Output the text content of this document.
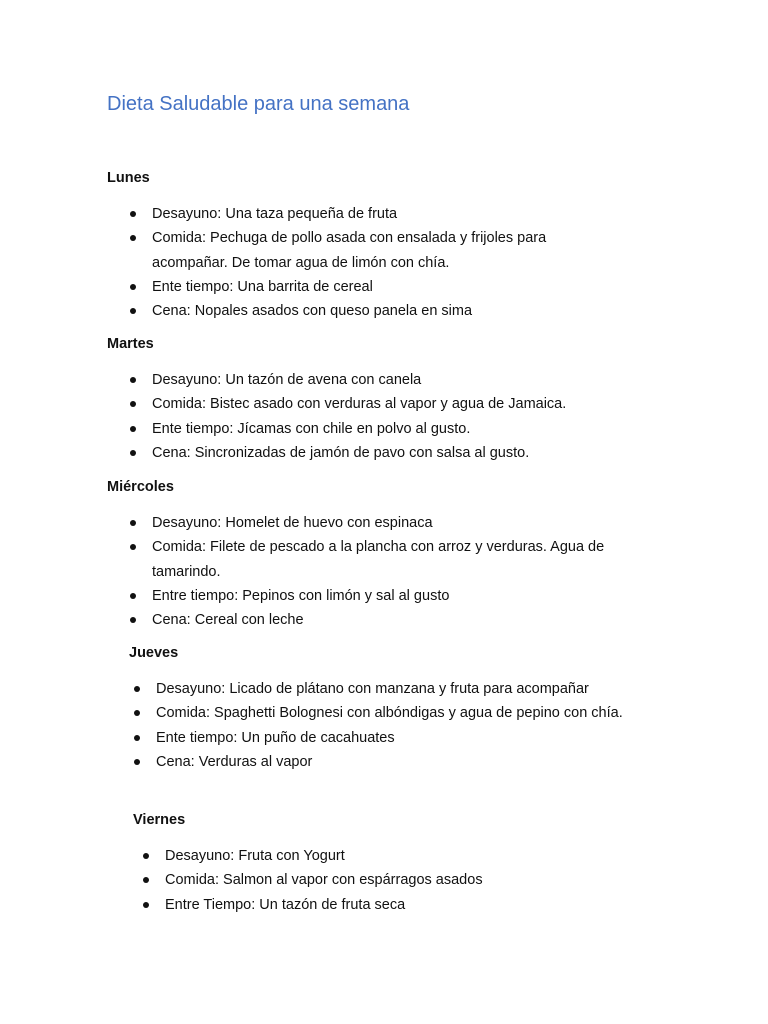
Dieta Saludable para una semana
Lunes
Desayuno: Una taza pequeña de fruta
Comida: Pechuga de pollo asada con ensalada y frijoles para acompañar. De tomar agua de limón con chía.
Ente tiempo: Una barrita de cereal
Cena: Nopales asados con queso panela en sima
Martes
Desayuno: Un tazón de avena con canela
Comida: Bistec asado con verduras al vapor y agua de Jamaica.
Ente tiempo: Jícamas con chile en polvo al gusto.
Cena: Sincronizadas de jamón de pavo con salsa al gusto.
Miércoles
Desayuno: Homelet de huevo con espinaca
Comida: Filete de pescado a la plancha con arroz y verduras. Agua de tamarindo.
Entre tiempo: Pepinos con limón y sal al gusto
Cena: Cereal con leche
Jueves
Desayuno: Licado de plátano con manzana y fruta para acompañar
Comida: Spaghetti Bolognesi con albóndigas y agua de pepino con chía.
Ente tiempo: Un puño de cacahuates
Cena: Verduras al vapor
Viernes
Desayuno: Fruta con Yogurt
Comida: Salmon al vapor con espárragos asados
Entre Tiempo: Un tazón de fruta seca
